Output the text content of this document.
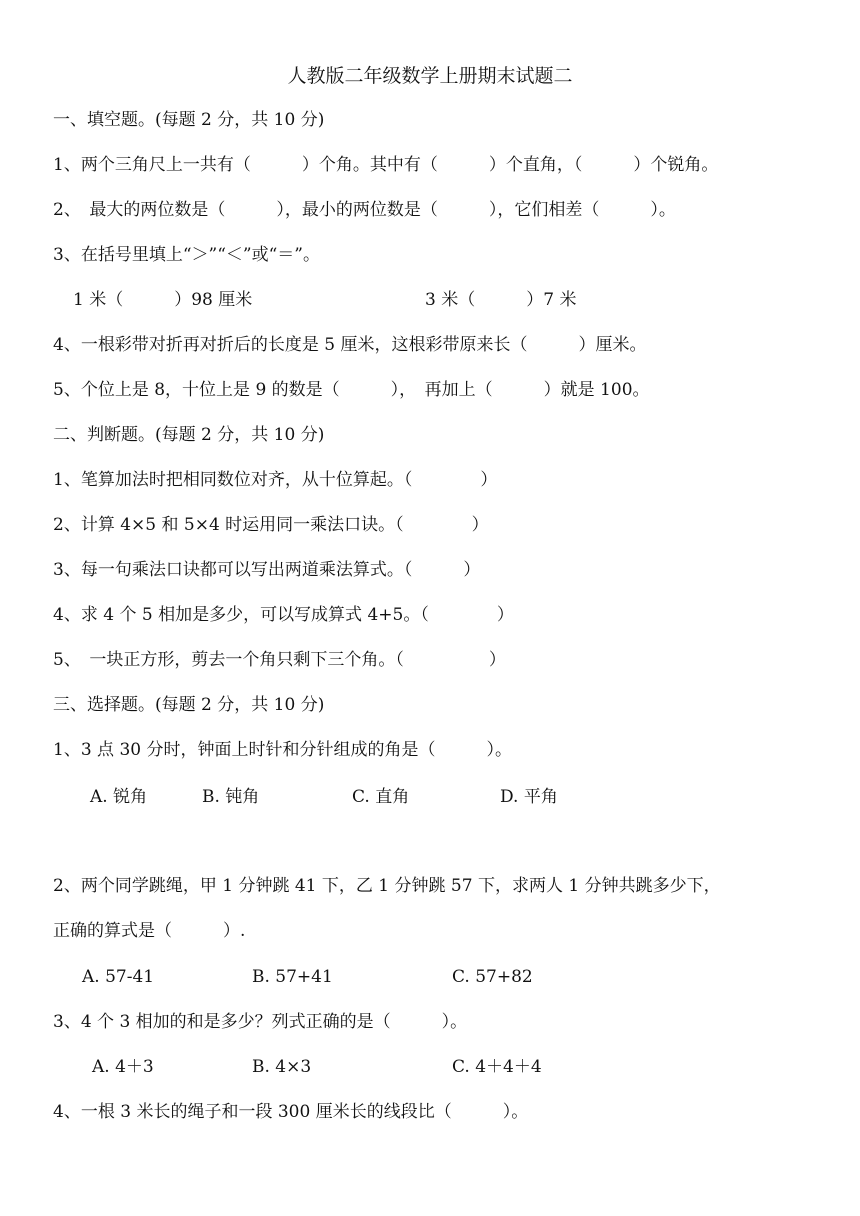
人教版二年级数学上册期末试题二
一、填空题。(每题 2 分，共 10 分)
1、两个三角尺上一共有（　　　）个角。其中有（　　　）个直角，（　　　）个锐角。
2、　最大的两位数是（　　　），最小的两位数是（　　　），它们相差（　　　）。
3、在括号里填上“＞”“＜”或“＝”。
1 米（　　　）98 厘米	3 米（　　　）7 米
4、一根彩带对折再对折后的长度是 5 厘米，这根彩带原来长（　　　）厘米。
5、个位上是 8，十位上是 9 的数是（　　　），　再加上（　　　）就是 100。
二、判断题。(每题 2 分，共 10 分)
1、笔算加法时把相同数位对齐，从十位算起。（　　　　）
2、计算 4×5 和 5×4 时运用同一乘法口诀。（　　　　）
3、每一句乘法口诀都可以写出两道乘法算式。（　　　）
4、求 4 个 5 相加是多少，可以写成算式 4+5。（　　　　）
5、　一块正方形，剪去一个角只剩下三个角。（　　　　　）
三、选择题。(每题 2 分，共 10 分)
1、3 点 30 分时，钟面上时针和分针组成的角是（　　　）。
A. 锐角	B. 钝角	C. 直角	D. 平角
2、两个同学跳绳，甲 1 分钟跳 41 下，乙 1 分钟跳 57 下，求两人 1 分钟共跳多少下，
正确的算式是（　　　）.
A. 57-41	B. 57+41	C. 57+82
3、4 个 3 相加的和是多少？列式正确的是（　　　）。
A. 4＋3	B. 4×3	C. 4＋4＋4
4、一根 3 米长的绳子和一段 300 厘米长的线段比（　　　）。
